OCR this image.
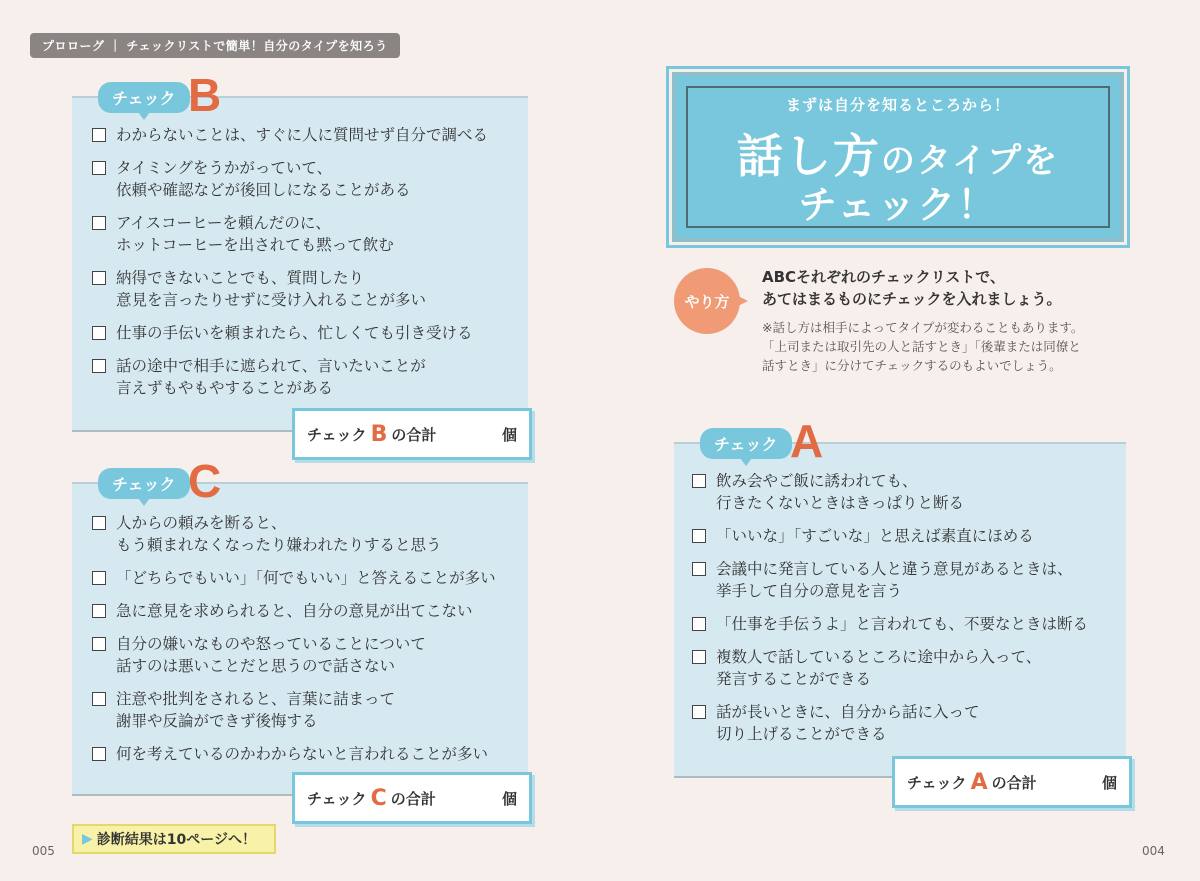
プロローグ ｜ チェックリストで簡単！自分のタイプを知ろう
チェック B
わからないことは、すぐに人に質問せず自分で調べる
タイミングをうかがっていて、
依頼や確認などが後回しになることがある
アイスコーヒーを頼んだのに、
ホットコーヒーを出されても黙って飲む
納得できないことでも、質問したり
意見を言ったりせずに受け入れることが多い
仕事の手伝いを頼まれたら、忙しくても引き受ける
話の途中で相手に遮られて、言いたいことが
言えずもやもやすることがある
チェック B の合計	個
チェック C
人からの頼みを断ると、
もう頼まれなくなったり嫌われたりすると思う
「どちらでもいい」「何でもいい」と答えることが多い
急に意見を求められると、自分の意見が出てこない
自分の嫌いなものや怒っていることについて
話すのは悪いことだと思うので話さない
注意や批判をされると、言葉に詰まって
謝罪や反論ができず後悔する
何を考えているのかわからないと言われることが多い
チェック C の合計	個
▶ 診断結果は10ページへ！
005
まずは自分を知るところから！
話し方のタイプを
チェック！
やり方
ABCそれぞれのチェックリストで、
あてはまるものにチェックを入れましょう。
※話し方は相手によってタイプが変わることもあります。
「上司または取引先の人と話すとき」「後輩または同僚と
話すとき」に分けてチェックするのもよいでしょう。
チェック A
飲み会やご飯に誘われても、
行きたくないときはきっぱりと断る
「いいな」「すごいな」と思えば素直にほめる
会議中に発言している人と違う意見があるときは、
挙手して自分の意見を言う
「仕事を手伝うよ」と言われても、不要なときは断る
複数人で話しているところに途中から入って、
発言することができる
話が長いときに、自分から話に入って
切り上げることができる
チェック A の合計	個
004
